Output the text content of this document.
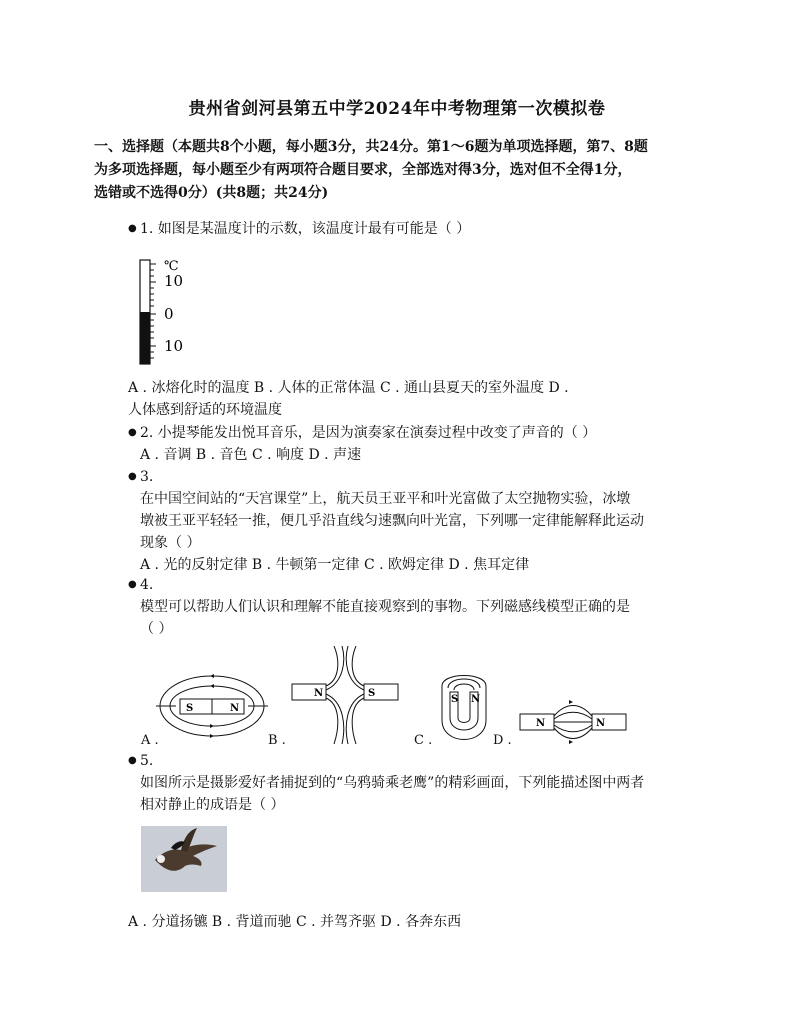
贵州省剑河县第五中学2024年中考物理第一次模拟卷
一、选择题（本题共8个小题，每小题3分，共24分。第1～6题为单项选择题，第7、8题
为多项选择题，每小题至少有两项符合题目要求，全部选对得3分，选对但不全得1分，
选错或不选得0分）(共8题；共24分)
● 1. 如图是某温度计的示数，该温度计最有可能是（ ）
℃
10
0
10
A . 冰熔化时的温度 B . 人体的正常体温 C . 通山县夏天的室外温度 D .
人体感到舒适的环境温度
● 2. 小提琴能发出悦耳音乐，是因为演奏家在演奏过程中改变了声音的（ ）
A . 音调 B . 音色 C . 响度 D . 声速
● 3.
在中国空间站的“天宫课堂”上，航天员王亚平和叶光富做了太空抛物实验，冰墩
墩被王亚平轻轻一推，便几乎沿直线匀速飘向叶光富，下列哪一定律能解释此运动
现象（ ）
A . 光的反射定律 B . 牛顿第一定律 C . 欧姆定律 D . 焦耳定律
● 4.
模型可以帮助人们认识和理解不能直接观察到的事物。下列磁感线模型正确的是
（ ）
S	N
A .
N	S
B .
S N
C .
N	N
D .
● 5.
如图所示是摄影爱好者捕捉到的“乌鸦骑乘老鹰”的精彩画面，下列能描述图中两者
相对静止的成语是（ ）
A . 分道扬镳 B . 背道而驰 C . 并驾齐驱 D . 各奔东西
